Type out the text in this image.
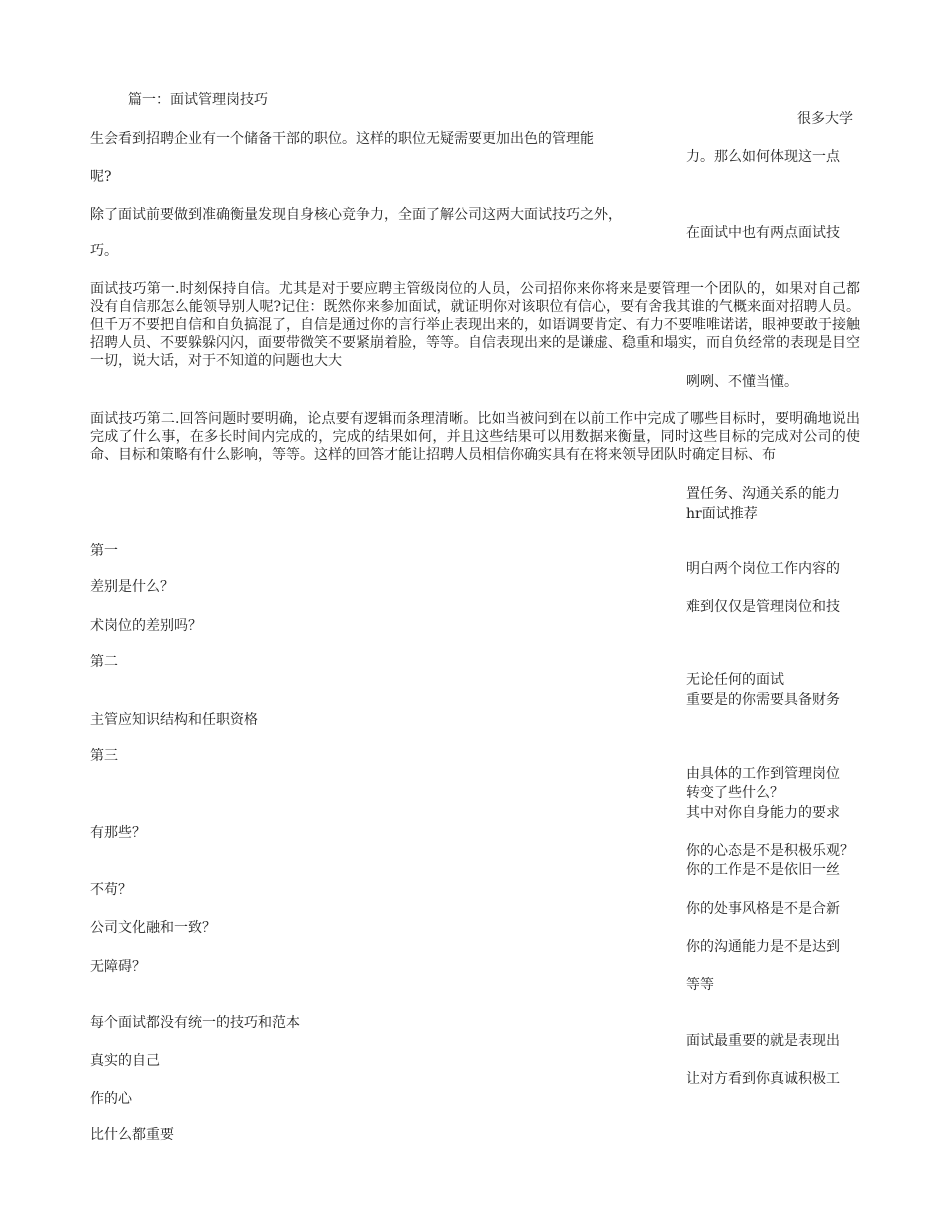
篇一：面试管理岗技巧
很多大学
生会看到招聘企业有一个储备干部的职位。这样的职位无疑需要更加出色的管理能
力。那么如何体现这一点
呢?
除了面试前要做到准确衡量发现自身核心竞争力，全面了解公司这两大面试技巧之外，
在面试中也有两点面试技
巧。
面试技巧第一.时刻保持自信。尤其是对于要应聘主管级岗位的人员，公司招你来你将来是要管理一个团队的，如果对自己都没有自信那怎么能领导别人呢?记住：既然你来参加面试，就证明你对该职位有信心，要有舍我其谁的气概来面对招聘人员。但千万不要把自信和自负搞混了，自信是通过你的言行举止表现出来的，如语调要肯定、有力不要唯唯诺诺，眼神要敢于接触招聘人员、不要躲躲闪闪，面要带微笑不要紧崩着脸，等等。自信表现出来的是谦虚、稳重和塌实，而自负经常的表现是目空一切，说大话，对于不知道的问题也大大
咧咧、不懂当懂。
面试技巧第二.回答问题时要明确，论点要有逻辑而条理清晰。比如当被问到在以前工作中完成了哪些目标时，要明确地说出完成了什么事，在多长时间内完成的，完成的结果如何，并且这些结果可以用数据来衡量，同时这些目标的完成对公司的使命、目标和策略有什么影响，等等。这样的回答才能让招聘人员相信你确实具有在将来领导团队时确定目标、布
置任务、沟通关系的能力
hr面试推荐
第一
明白两个岗位工作内容的
差别是什么？
难到仅仅是管理岗位和技
术岗位的差别吗？
第二
无论任何的面试
重要是的你需要具备财务
主管应知识结构和任职资格
第三
由具体的工作到管理岗位
转变了些什么？
其中对你自身能力的要求
有那些？
你的心态是不是积极乐观？
你的工作是不是依旧一丝
不苟？
你的处事风格是不是合新
公司文化融和一致？
你的沟通能力是不是达到
无障碍？
等等
每个面试都没有统一的技巧和范本
面试最重要的就是表现出
真实的自己
让对方看到你真诚积极工
作的心
比什么都重要
